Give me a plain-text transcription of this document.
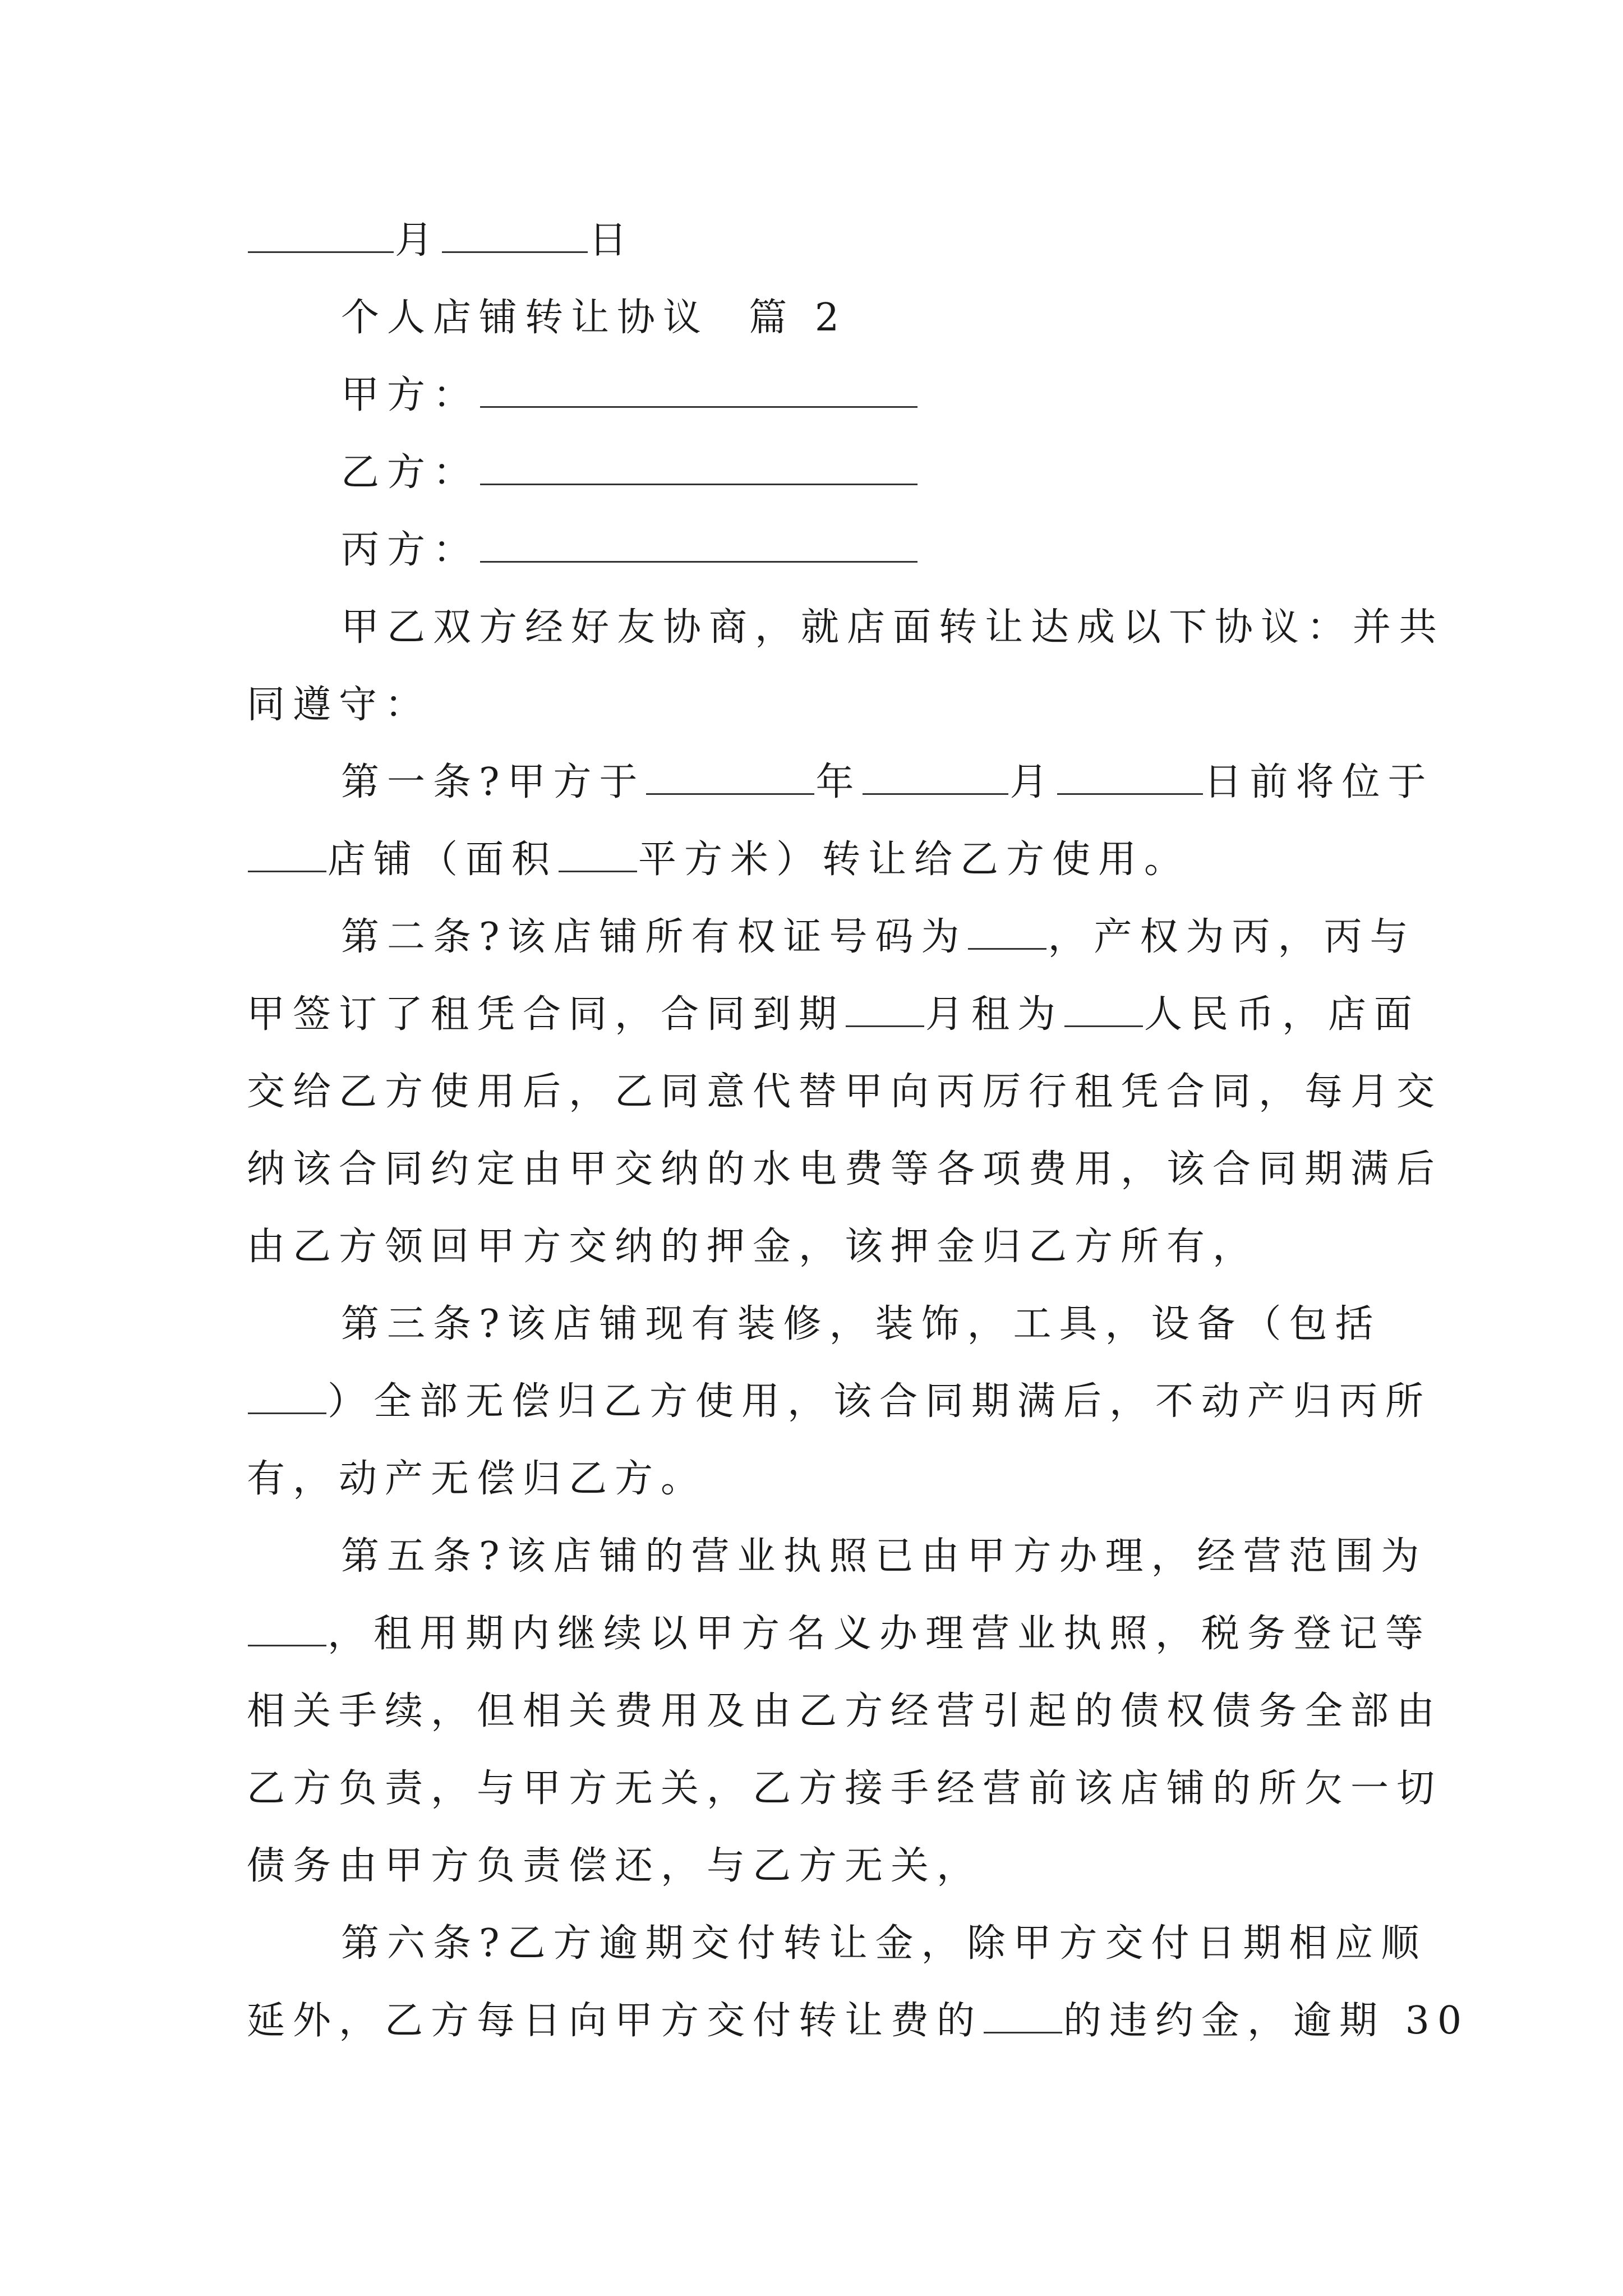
月	日
个人店铺转让协议  篇 2
甲方：
乙方：
丙方：
甲乙双方经好友协商，就店面转让达成以下协议：并共
同遵守：
第一条?甲方于	年	月	日前将位于
店铺（面积 平方米）转让给乙方使用。
第二条?该店铺所有权证号码为 ，产权为丙，丙与
甲签订了租凭合同，合同到期 月租为 人民币，店面
交给乙方使用后，乙同意代替甲向丙厉行租凭合同，每月交
纳该合同约定由甲交纳的水电费等各项费用，该合同期满后
由乙方领回甲方交纳的押金，该押金归乙方所有，
第三条?该店铺现有装修，装饰，工具，设备（包括
）全部无偿归乙方使用，该合同期满后，不动产归丙所
有，动产无偿归乙方。
第五条?该店铺的营业执照已由甲方办理，经营范围为
，租用期内继续以甲方名义办理营业执照，税务登记等
相关手续，但相关费用及由乙方经营引起的债权债务全部由
乙方负责，与甲方无关，乙方接手经营前该店铺的所欠一切
债务由甲方负责偿还，与乙方无关，
第六条?乙方逾期交付转让金，除甲方交付日期相应顺
延外，乙方每日向甲方交付转让费的 的违约金，逾期 30
